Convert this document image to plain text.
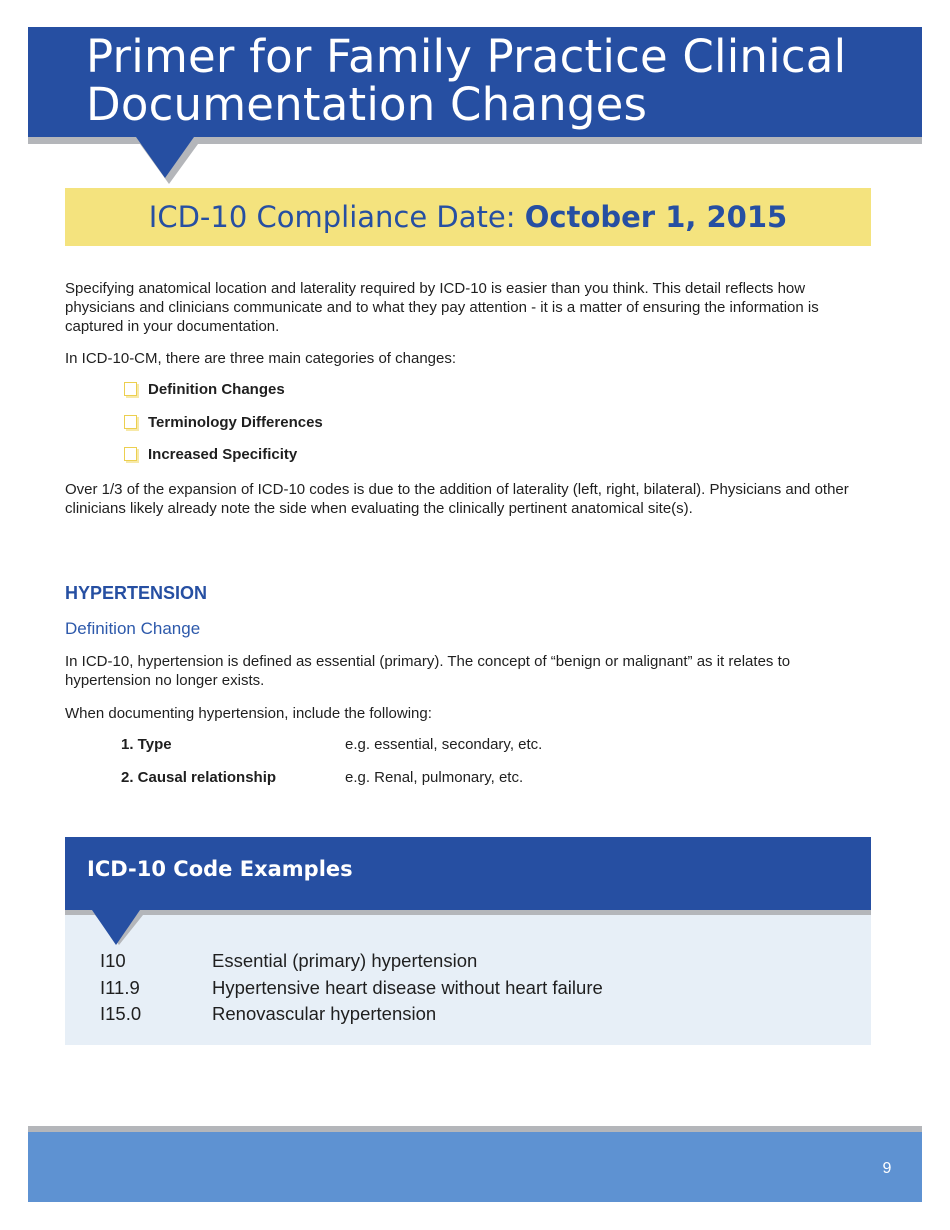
Primer for Family Practice Clinical
Documentation Changes
ICD-10 Compliance Date: October 1, 2015

Specifying anatomical location and laterality required by ICD-10 is easier than you think. This detail reflects how physicians and clinicians communicate and to what they pay attention - it is a matter of ensuring the information is captured in your documentation.

In ICD-10-CM, there are three main categories of changes:

Definition Changes
Terminology Differences
Increased Specificity

Over 1/3 of the expansion of ICD-10 codes is due to the addition of laterality (left, right, bilateral). Physicians and other clinicians likely already note the side when evaluating the clinically pertinent anatomical site(s).

HYPERTENSION
Definition Change

In ICD-10, hypertension is defined as essential (primary). The concept of “benign or malignant” as it relates to hypertension no longer exists.

When documenting hypertension, include the following:

1. Type	e.g. essential, secondary, etc.
2. Causal relationship	e.g. Renal, pulmonary, etc.
ICD-10 Code Examples
I10	Essential (primary) hypertension
I11.9	Hypertensive heart disease without heart failure
I15.0	Renovascular hypertension
9
